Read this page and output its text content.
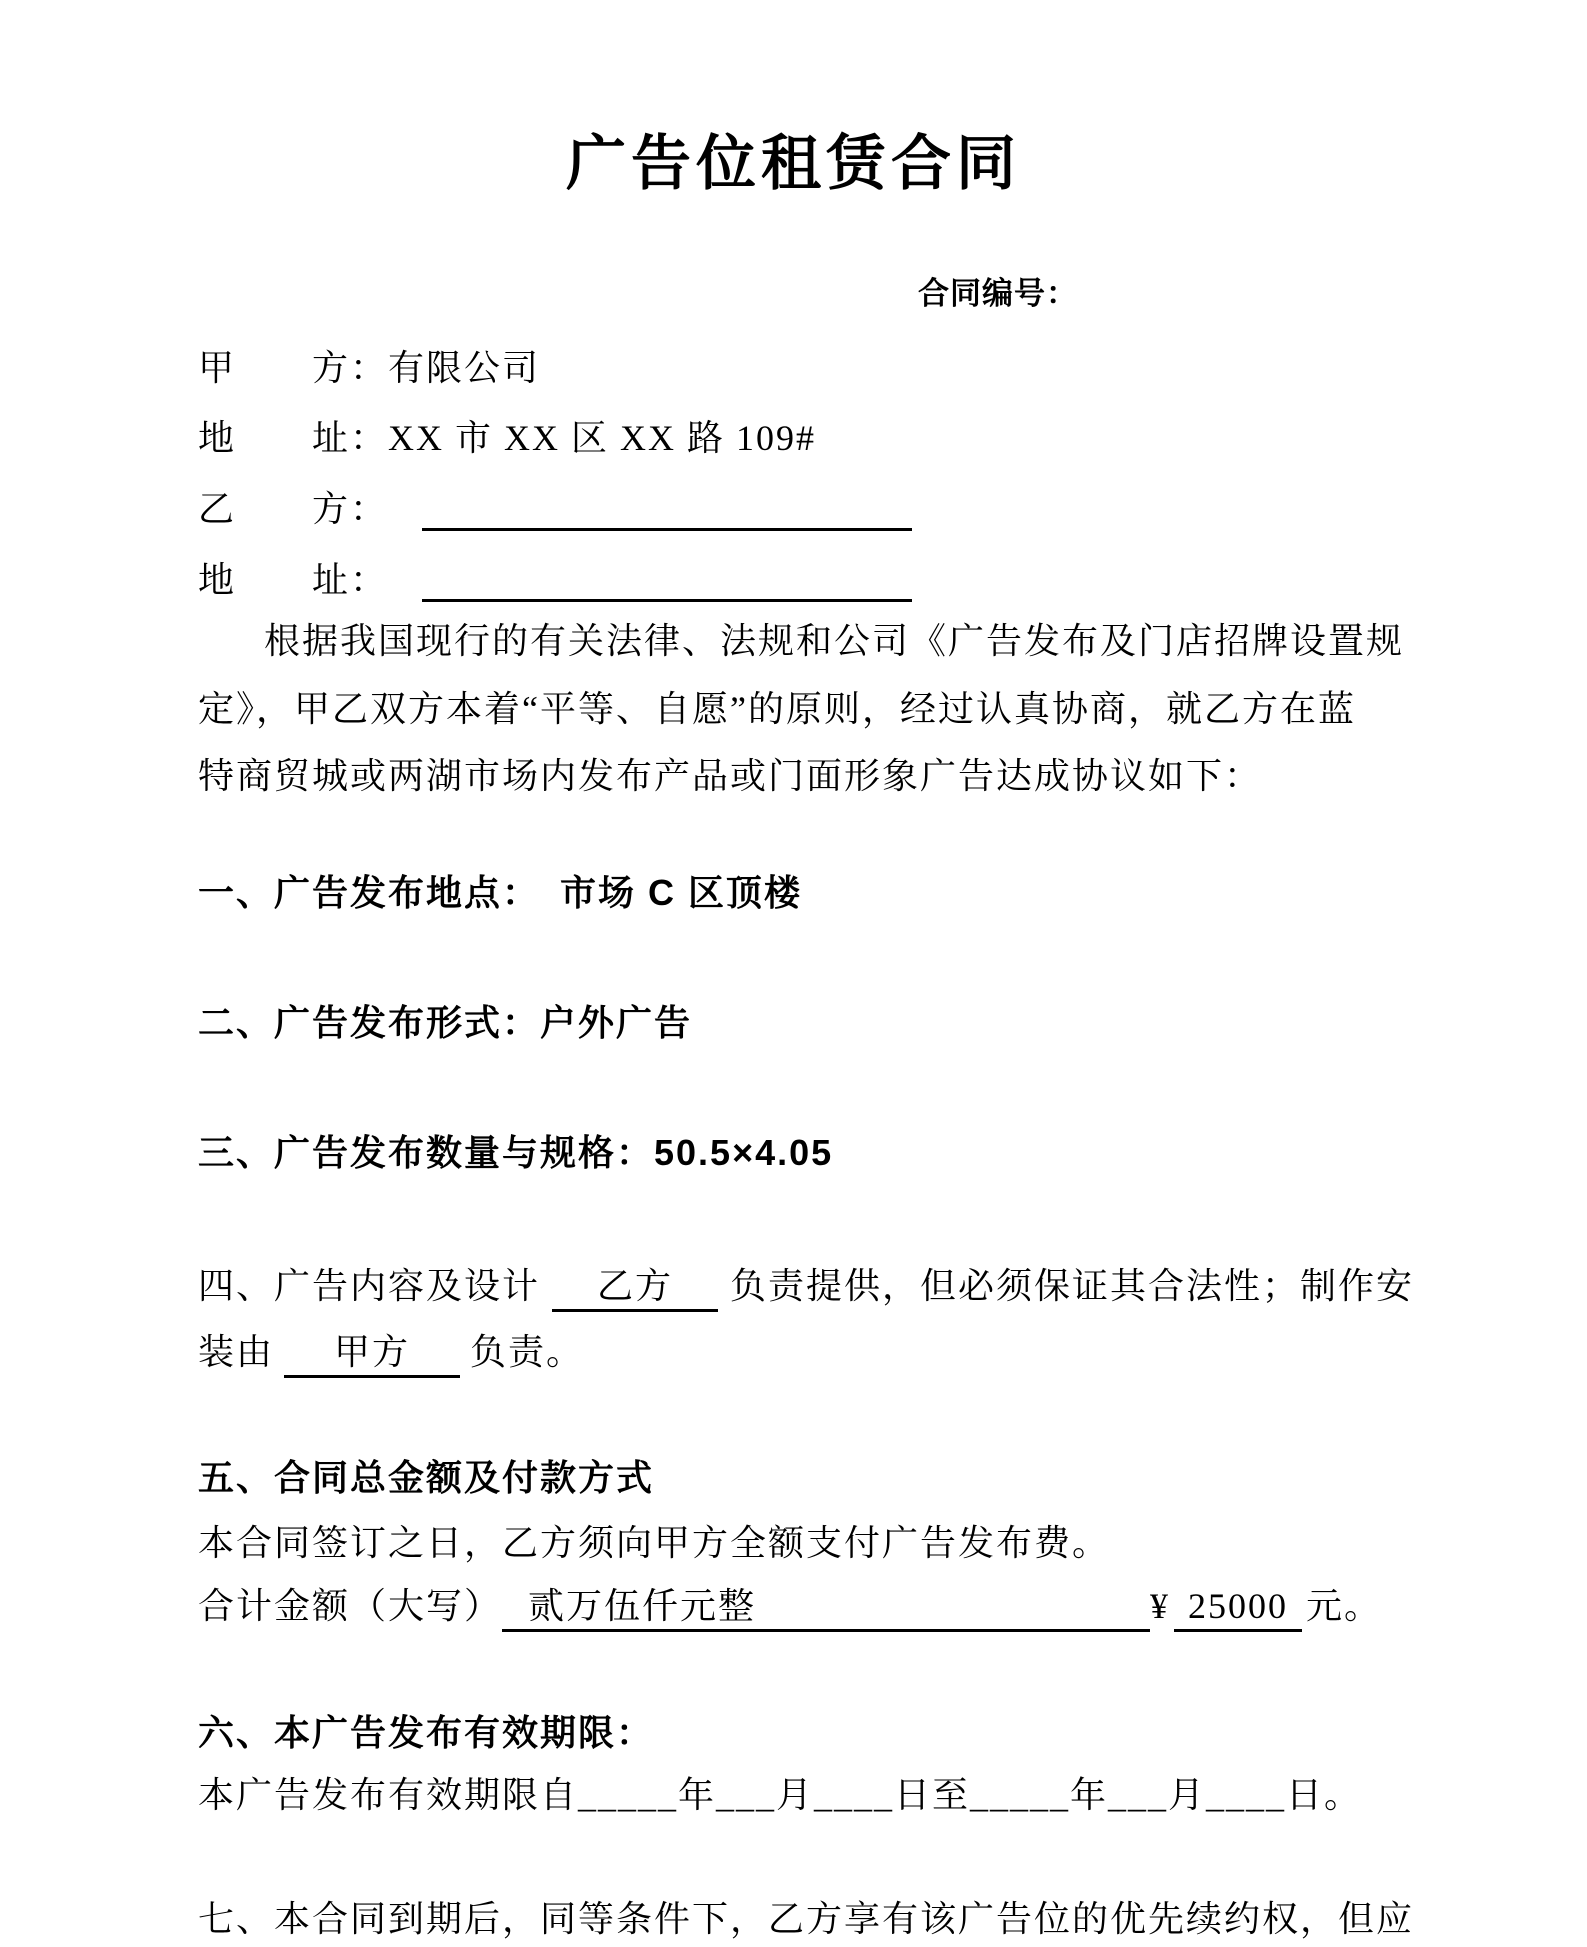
广告位租赁合同
合同编号：
甲　　方：有限公司
地　　址：XX 市 XX 区 XX 路 109#
乙　　方：
地　　址：
根据我国现行的有关法律、法规和公司《广告发布及门店招牌设置规
定》，甲乙双方本着“平等、自愿”的原则，经过认真协商，就乙方在蓝
特商贸城或两湖市场内发布产品或门面形象广告达成协议如下：
一、广告发布地点：　市场 C 区顶楼
二、广告发布形式：户外广告
三、广告发布数量与规格：50.5×4.05
四、广告内容及设计 乙方 负责提供，但必须保证其合法性；制作安
装由 甲方 负责。
五、合同总金额及付款方式
本合同签订之日，乙方须向甲方全额支付广告发布费。
合计金额（大写） 贰万伍仟元整	¥ 25000 元。
六、本广告发布有效期限：
本广告发布有效期限自_____年___月____日至_____年___月____日。
七、本合同到期后，同等条件下，乙方享有该广告位的优先续约权，但应
